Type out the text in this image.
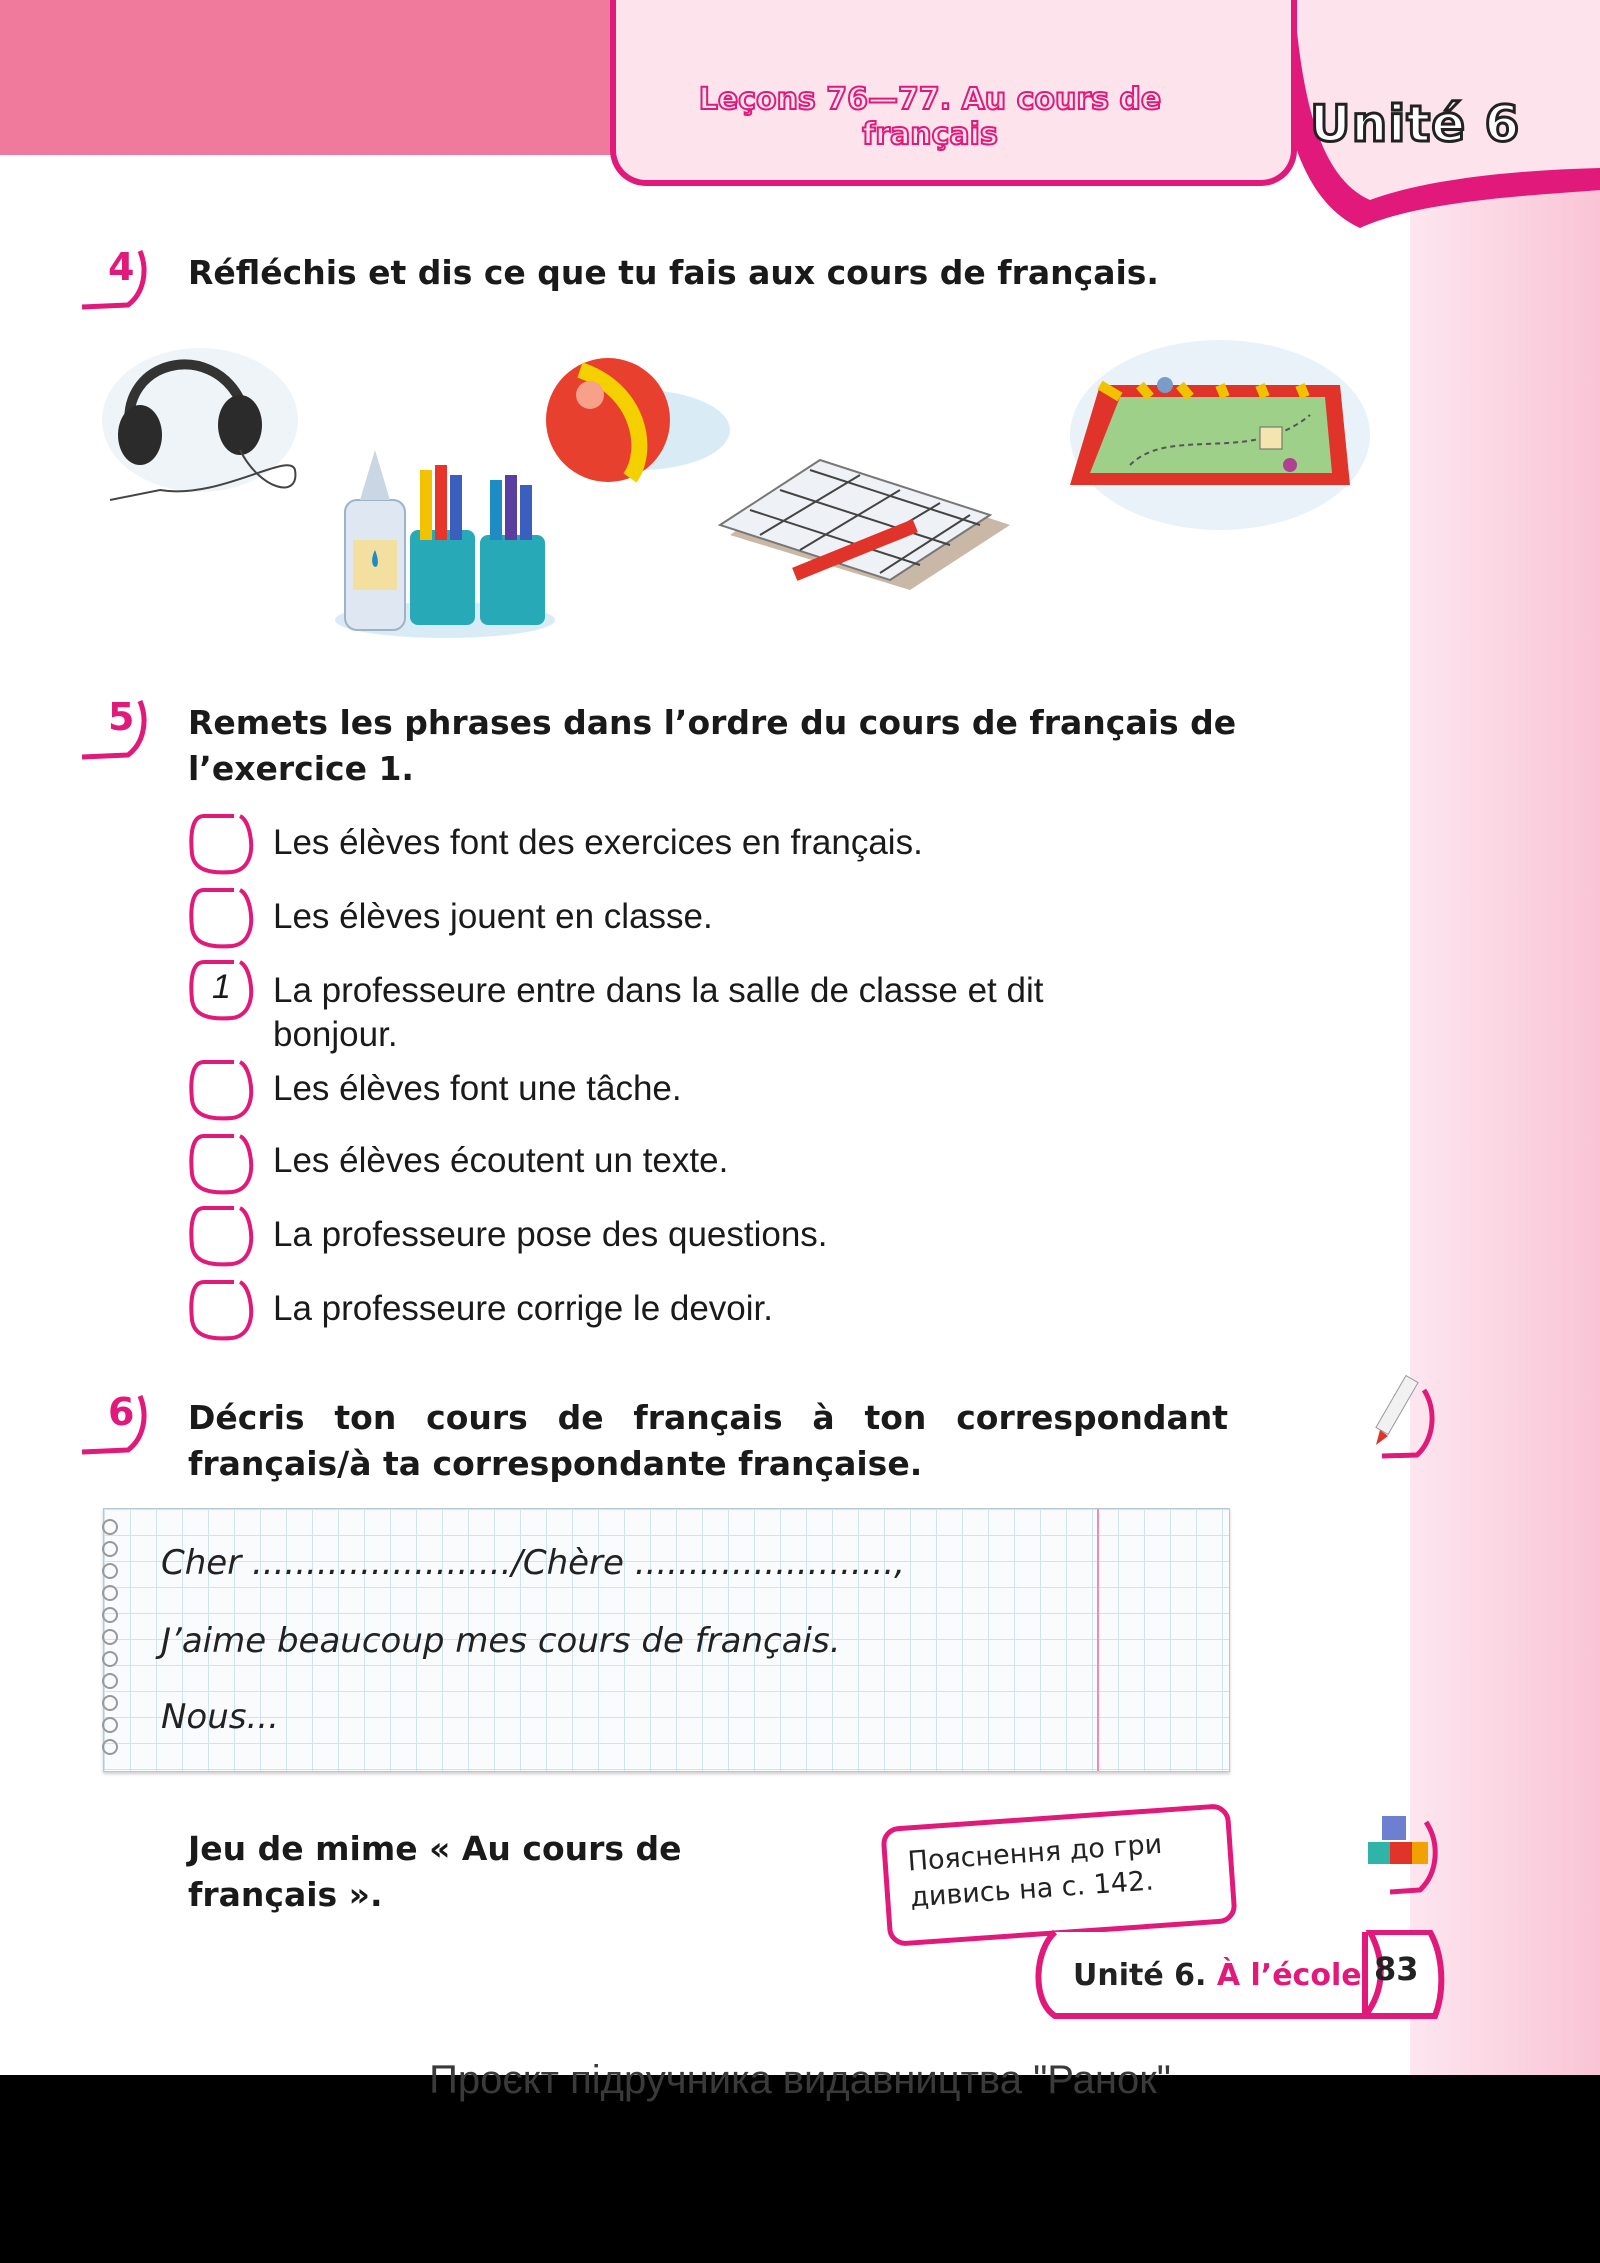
Leçons 76—77. Au cours de français	Unité 6
4 Réfléchis et dis ce que tu fais aux cours de français.
5 Remets les phrases dans l’ordre du cours de français de
l’exercice 1.
Les élèves font des exercices en français.
Les élèves jouent en classe.
1 La professeure entre dans la salle de classe et dit
bonjour.
Les élèves font une tâche.
Les élèves écoutent un texte.
La professeure pose des questions.
La professeure corrige le devoir.
6 Décris ton cours de français à ton correspondant
français/à ta correspondante française.
Cher ......................../Chère ........................,
J’aime beaucoup mes cours de français.
Nous...
Jeu de mime « Au cours de
français ».
Пояснення до гри
дивись на с. 142.
Unité 6. À l’école 83
Проєкт підручника видавництва "Ранок"
